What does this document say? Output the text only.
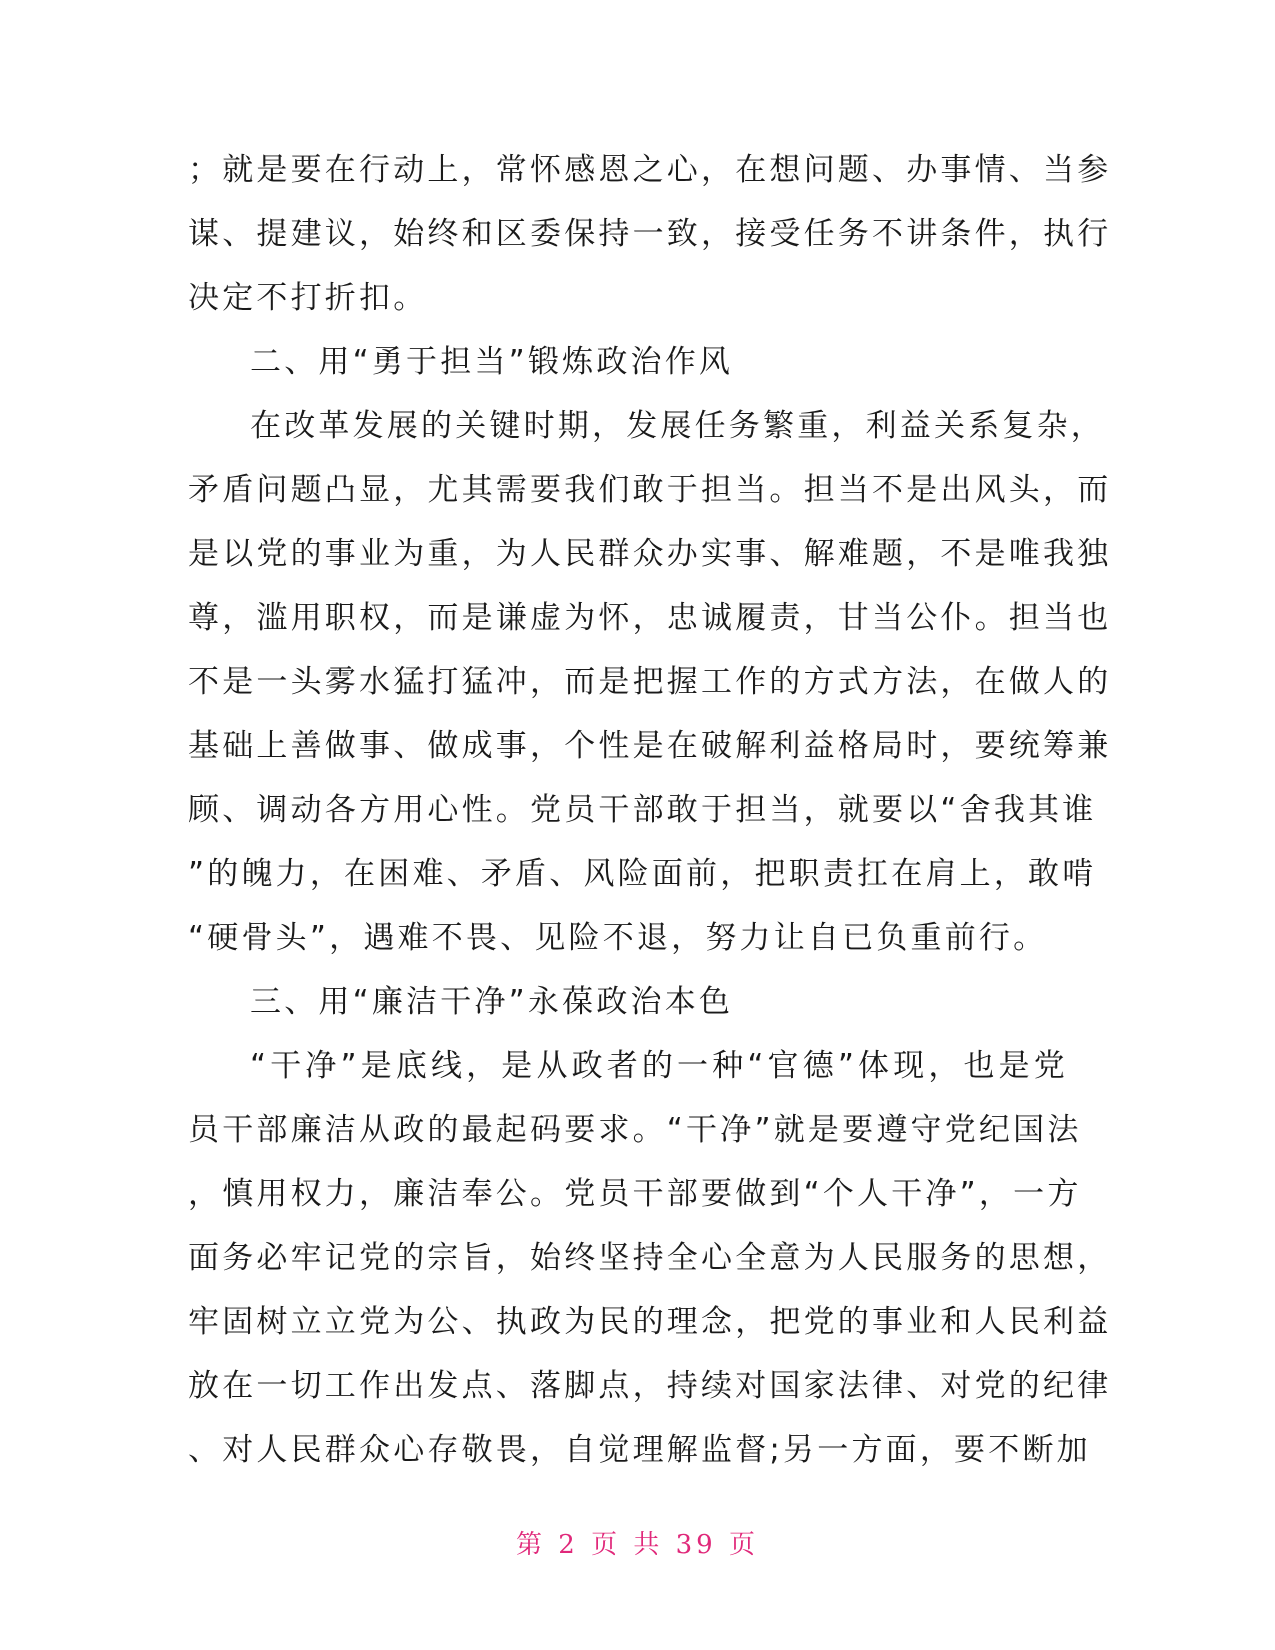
；就是要在行动上，常怀感恩之心，在想问题、办事情、当参
谋、提建议，始终和区委保持一致，接受任务不讲条件，执行
决定不打折扣。
二、用“勇于担当”锻炼政治作风
在改革发展的关键时期，发展任务繁重，利益关系复杂，
矛盾问题凸显，尤其需要我们敢于担当。担当不是出风头，而
是以党的事业为重，为人民群众办实事、解难题，不是唯我独
尊，滥用职权，而是谦虚为怀，忠诚履责，甘当公仆。担当也
不是一头雾水猛打猛冲，而是把握工作的方式方法，在做人的
基础上善做事、做成事，个性是在破解利益格局时，要统筹兼
顾、调动各方用心性。党员干部敢于担当，就要以“舍我其谁
”的魄力，在困难、矛盾、风险面前，把职责扛在肩上，敢啃
“硬骨头”，遇难不畏、见险不退，努力让自已负重前行。
三、用“廉洁干净”永葆政治本色
“干净”是底线，是从政者的一种“官德”体现，也是党
员干部廉洁从政的最起码要求。“干净”就是要遵守党纪国法
，慎用权力，廉洁奉公。党员干部要做到“个人干净”，一方
面务必牢记党的宗旨，始终坚持全心全意为人民服务的思想，
牢固树立立党为公、执政为民的理念，把党的事业和人民利益
放在一切工作出发点、落脚点，持续对国家法律、对党的纪律
、对人民群众心存敬畏，自觉理解监督;另一方面，要不断加
第 2 页 共 39 页
